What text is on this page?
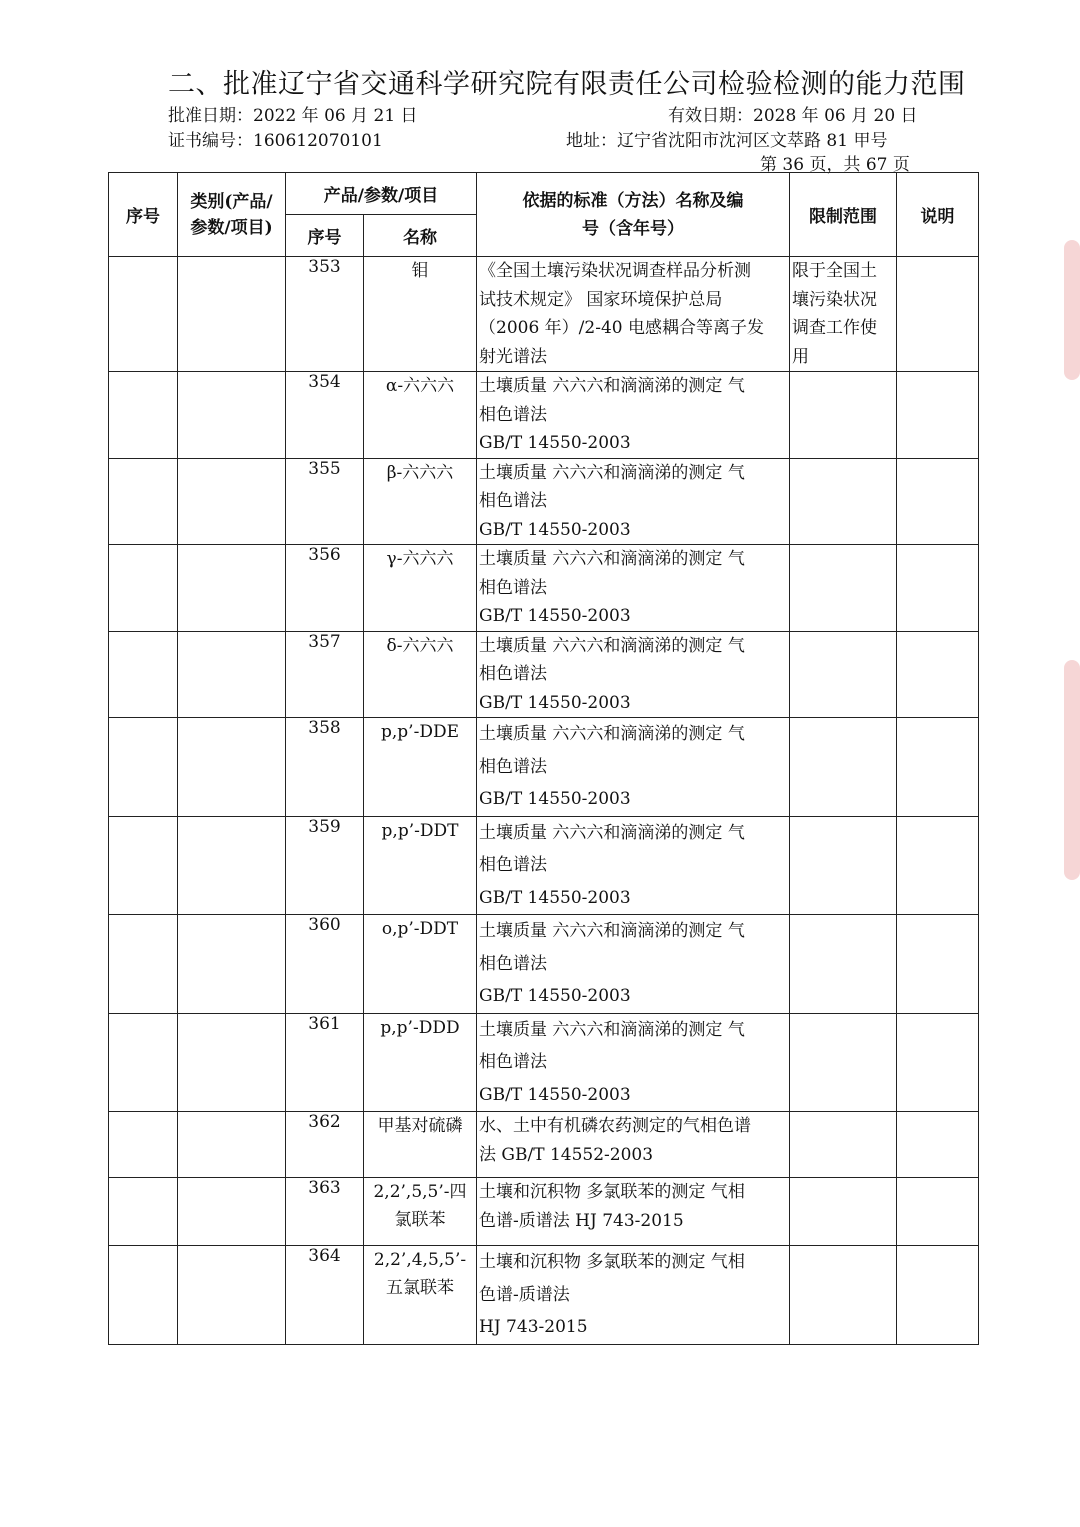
二、批准辽宁省交通科学研究院有限责任公司检验检测的能力范围
批准日期：2022 年 06 月 21 日	有效日期：2028 年 06 月 20 日
证书编号：160612070101	地址：辽宁省沈阳市沈河区文萃路 81 甲号
第 36 页，共 67 页
序号	类别(产品/参数/项目)	产品/参数/项目		依据的标准（方法）名称及编号（含年号）	限制范围	说明
		序号	名称			
		353	钼	《全国土壤污染状况调查样品分析测
试技术规定》 国家环境保护总局
（2006 年）/2-40 电感耦合等离子发
射光谱法	限于全国土
壤污染状况
调查工作使
用	

		354	α-六六六	土壤质量 六六六和滴滴涕的测定 气
相色谱法
GB/T 14550-2003		

		355	β-六六六	土壤质量 六六六和滴滴涕的测定 气
相色谱法
GB/T 14550-2003		

		356	γ-六六六	土壤质量 六六六和滴滴涕的测定 气
相色谱法
GB/T 14550-2003		

		357	δ-六六六	土壤质量 六六六和滴滴涕的测定 气
相色谱法
GB/T 14550-2003		

		358	p,p’-DDE	土壤质量 六六六和滴滴涕的测定 气
相色谱法
GB/T 14550-2003		

		359	p,p’-DDT	土壤质量 六六六和滴滴涕的测定 气
相色谱法
GB/T 14550-2003		

		360	o,p’-DDT	土壤质量 六六六和滴滴涕的测定 气
相色谱法
GB/T 14550-2003		

		361	p,p’-DDD	土壤质量 六六六和滴滴涕的测定 气
相色谱法
GB/T 14550-2003		

		362	甲基对硫磷	水、土中有机磷农药测定的气相色谱
法 GB/T 14552-2003		

		363	2,2’,5,5’-四氯联苯	土壤和沉积物 多氯联苯的测定 气相
色谱-质谱法 HJ 743-2015		

		364	2,2’,4,5,5’-五氯联苯	土壤和沉积物 多氯联苯的测定 气相
色谱-质谱法
HJ 743-2015		
